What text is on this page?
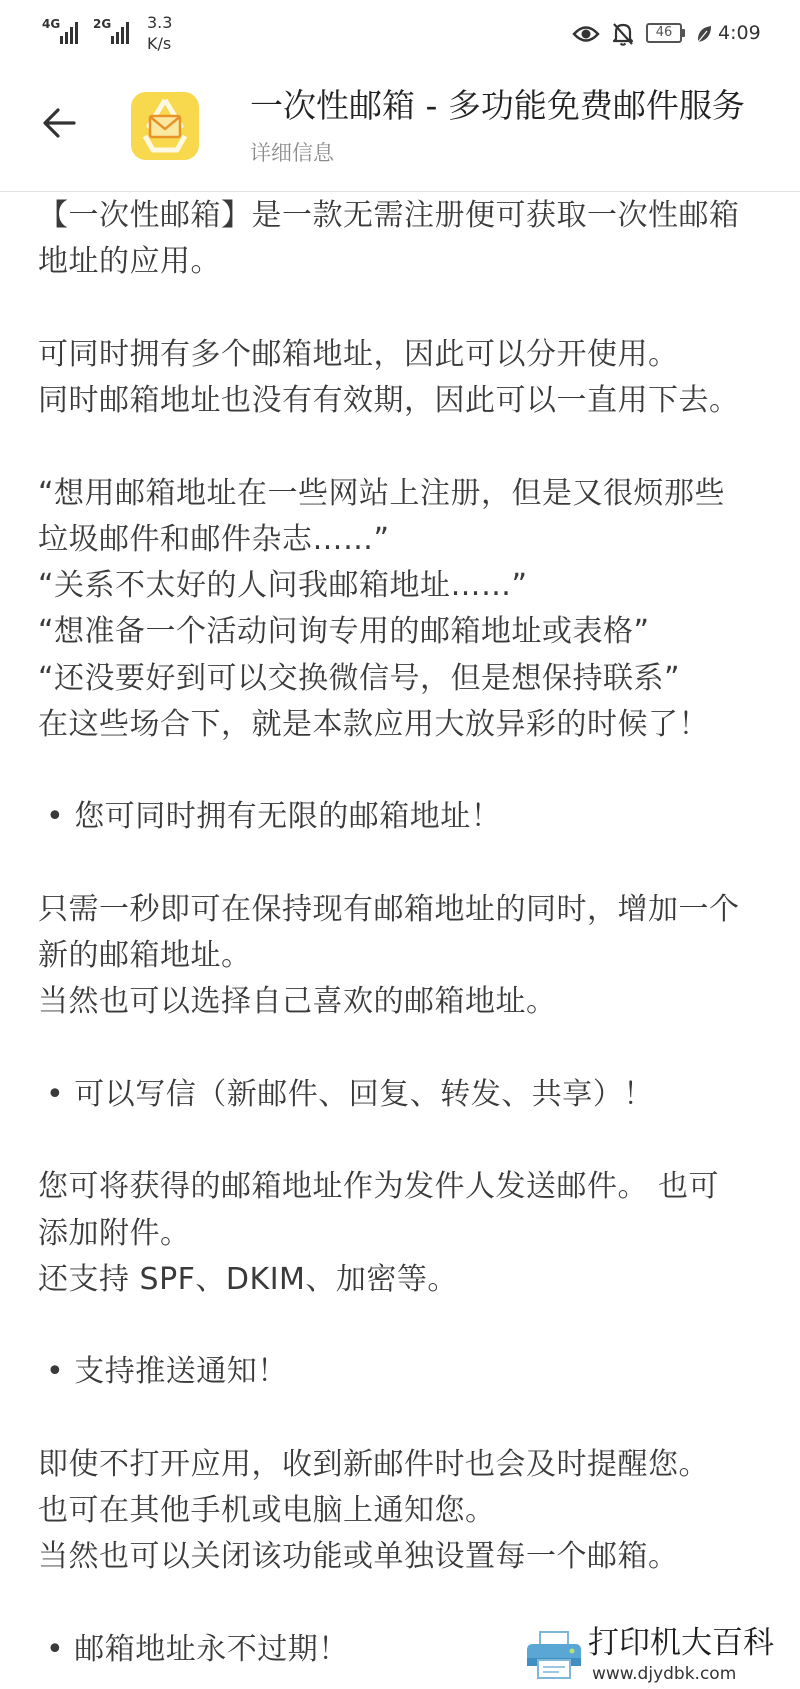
4G	2G 3.3
K/s
46	4:09
一次性邮箱 - 多功能免费邮件服务
详细信息
【一次性邮箱】是一款无需注册便可获取一次性邮箱
地址的应用。
可同时拥有多个邮箱地址，因此可以分开使用。
同时邮箱地址也没有有效期，因此可以一直用下去。
“想用邮箱地址在一些网站上注册，但是又很烦那些
垃圾邮件和邮件杂志……”
“关系不太好的人问我邮箱地址……”
“想准备一个活动问询专用的邮箱地址或表格”
“还没要好到可以交换微信号，但是想保持联系”
在这些场合下，就是本款应用大放异彩的时候了！
• 您可同时拥有无限的邮箱地址！
只需一秒即可在保持现有邮箱地址的同时，增加一个
新的邮箱地址。
当然也可以选择自己喜欢的邮箱地址。
• 可以写信（新邮件、回复、转发、共享）！
您可将获得的邮箱地址作为发件人发送邮件。 也可
添加附件。
还支持 SPF、DKIM、加密等。
• 支持推送通知！
即使不打开应用，收到新邮件时也会及时提醒您。
也可在其他手机或电脑上通知您。
当然也可以关闭该功能或单独设置每一个邮箱。
• 邮箱地址永不过期！	打印机大百科
www.djydbk.com
